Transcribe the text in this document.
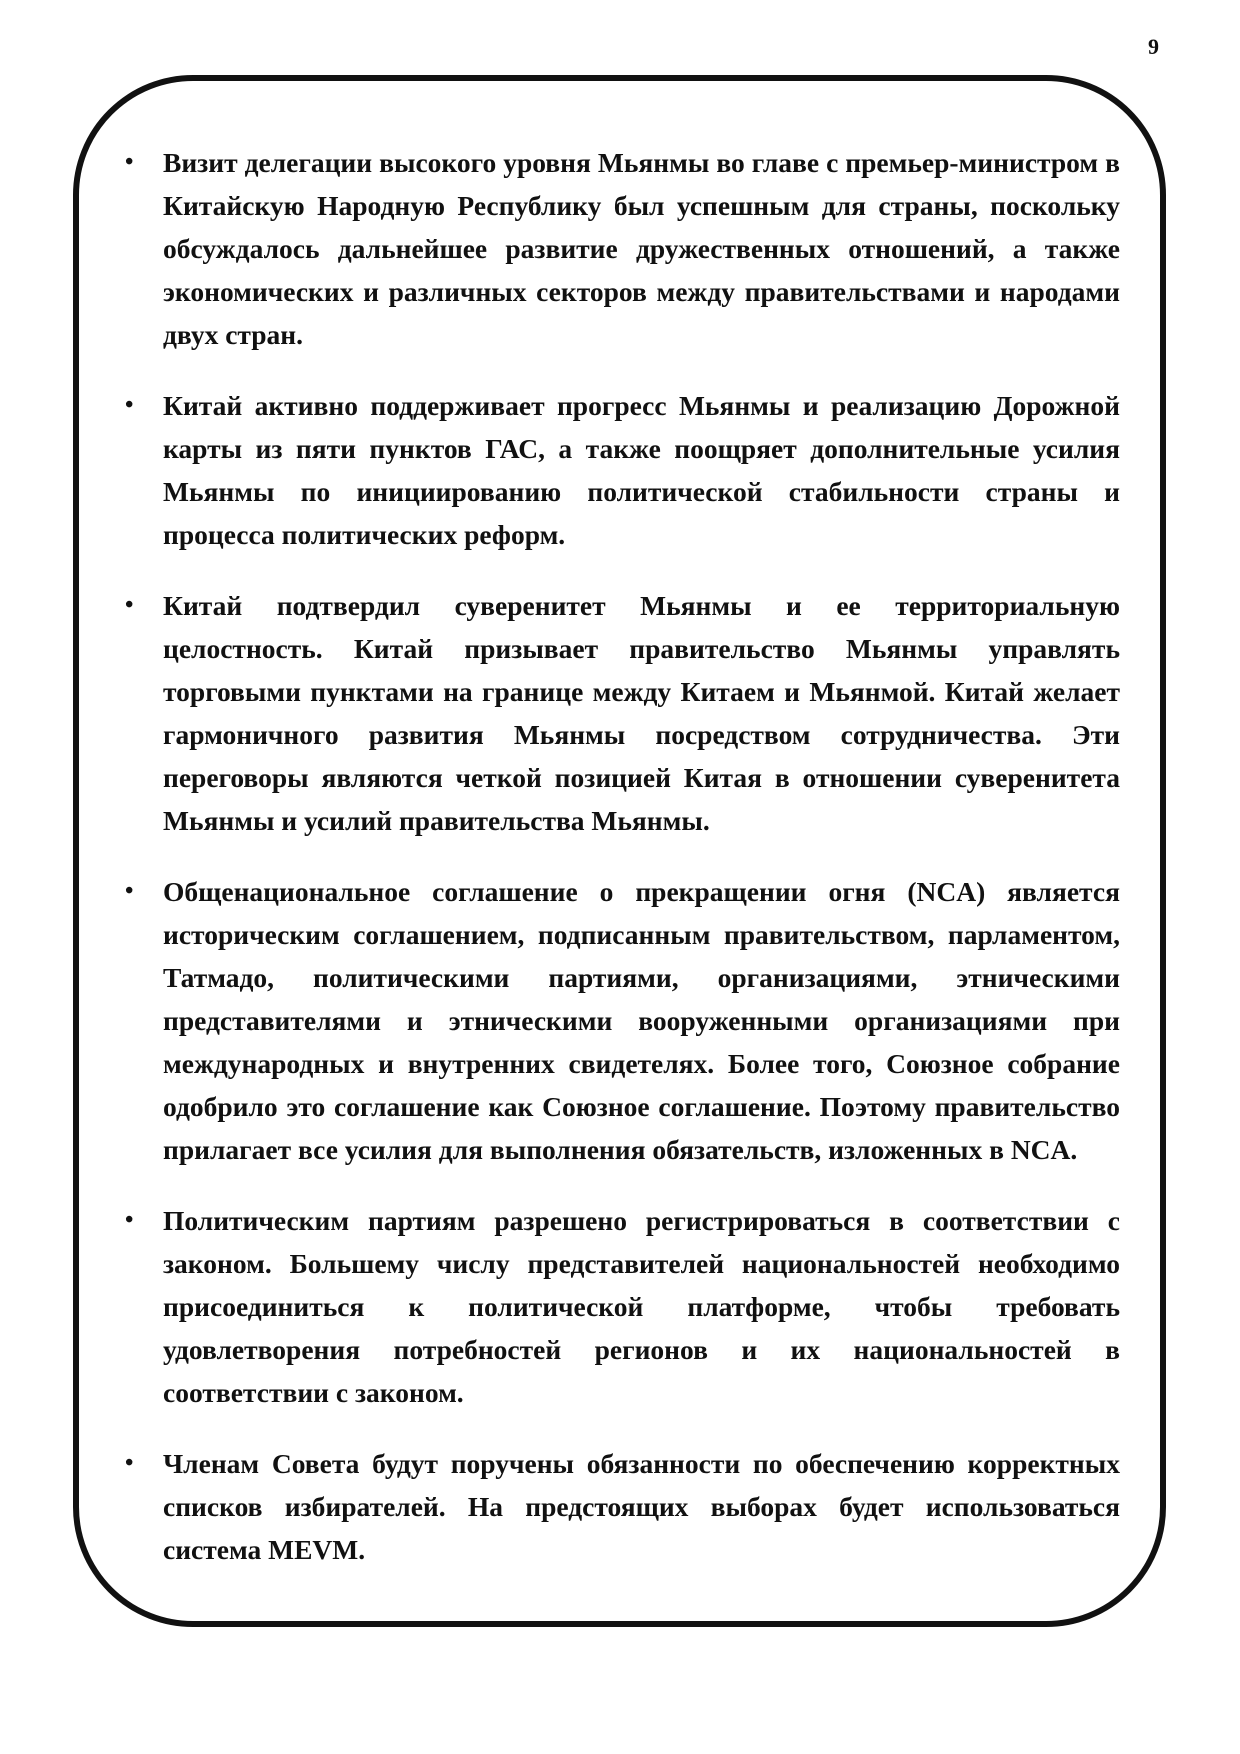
9
•	Визит делегации высокого уровня Мьянмы во главе с премьер-министром в Китайскую Народную Республику был успешным для страны, поскольку обсуждалось дальнейшее развитие дружественных отношений, а также экономических и различных секторов между правительствами и народами двух стран.
•	Китай активно поддерживает прогресс Мьянмы и реализацию Дорожной карты из пяти пунктов ГАС, а также поощряет дополнительные усилия Мьянмы по инициированию политической стабильности страны и процесса политических реформ.
•	Китай подтвердил суверенитет Мьянмы и ее территориальную целостность. Китай призывает правительство Мьянмы управлять торговыми пунктами на границе между Китаем и Мьянмой. Китай желает гармоничного развития Мьянмы посредством сотрудничества. Эти переговоры являются четкой позицией Китая в отношении суверенитета Мьянмы и усилий правительства Мьянмы.
•	Общенациональное соглашение о прекращении огня (NCA) является историческим соглашением, подписанным правительством, парламентом, Татмадо, политическими партиями, организациями, этническими представителями и этническими вооруженными организациями при международных и внутренних свидетелях. Более того, Союзное собрание одобрило это соглашение как Союзное соглашение. Поэтому правительство прилагает все усилия для выполнения обязательств, изложенных в NCA.
•	Политическим партиям разрешено регистрироваться в соответствии с законом. Большему числу представителей национальностей необходимо присоединиться к политической платформе, чтобы требовать удовлетворения потребностей регионов и их национальностей в соответствии с законом.
•	Членам Совета будут поручены обязанности по обеспечению корректных списков избирателей. На предстоящих выборах будет использоваться система MEVM.
